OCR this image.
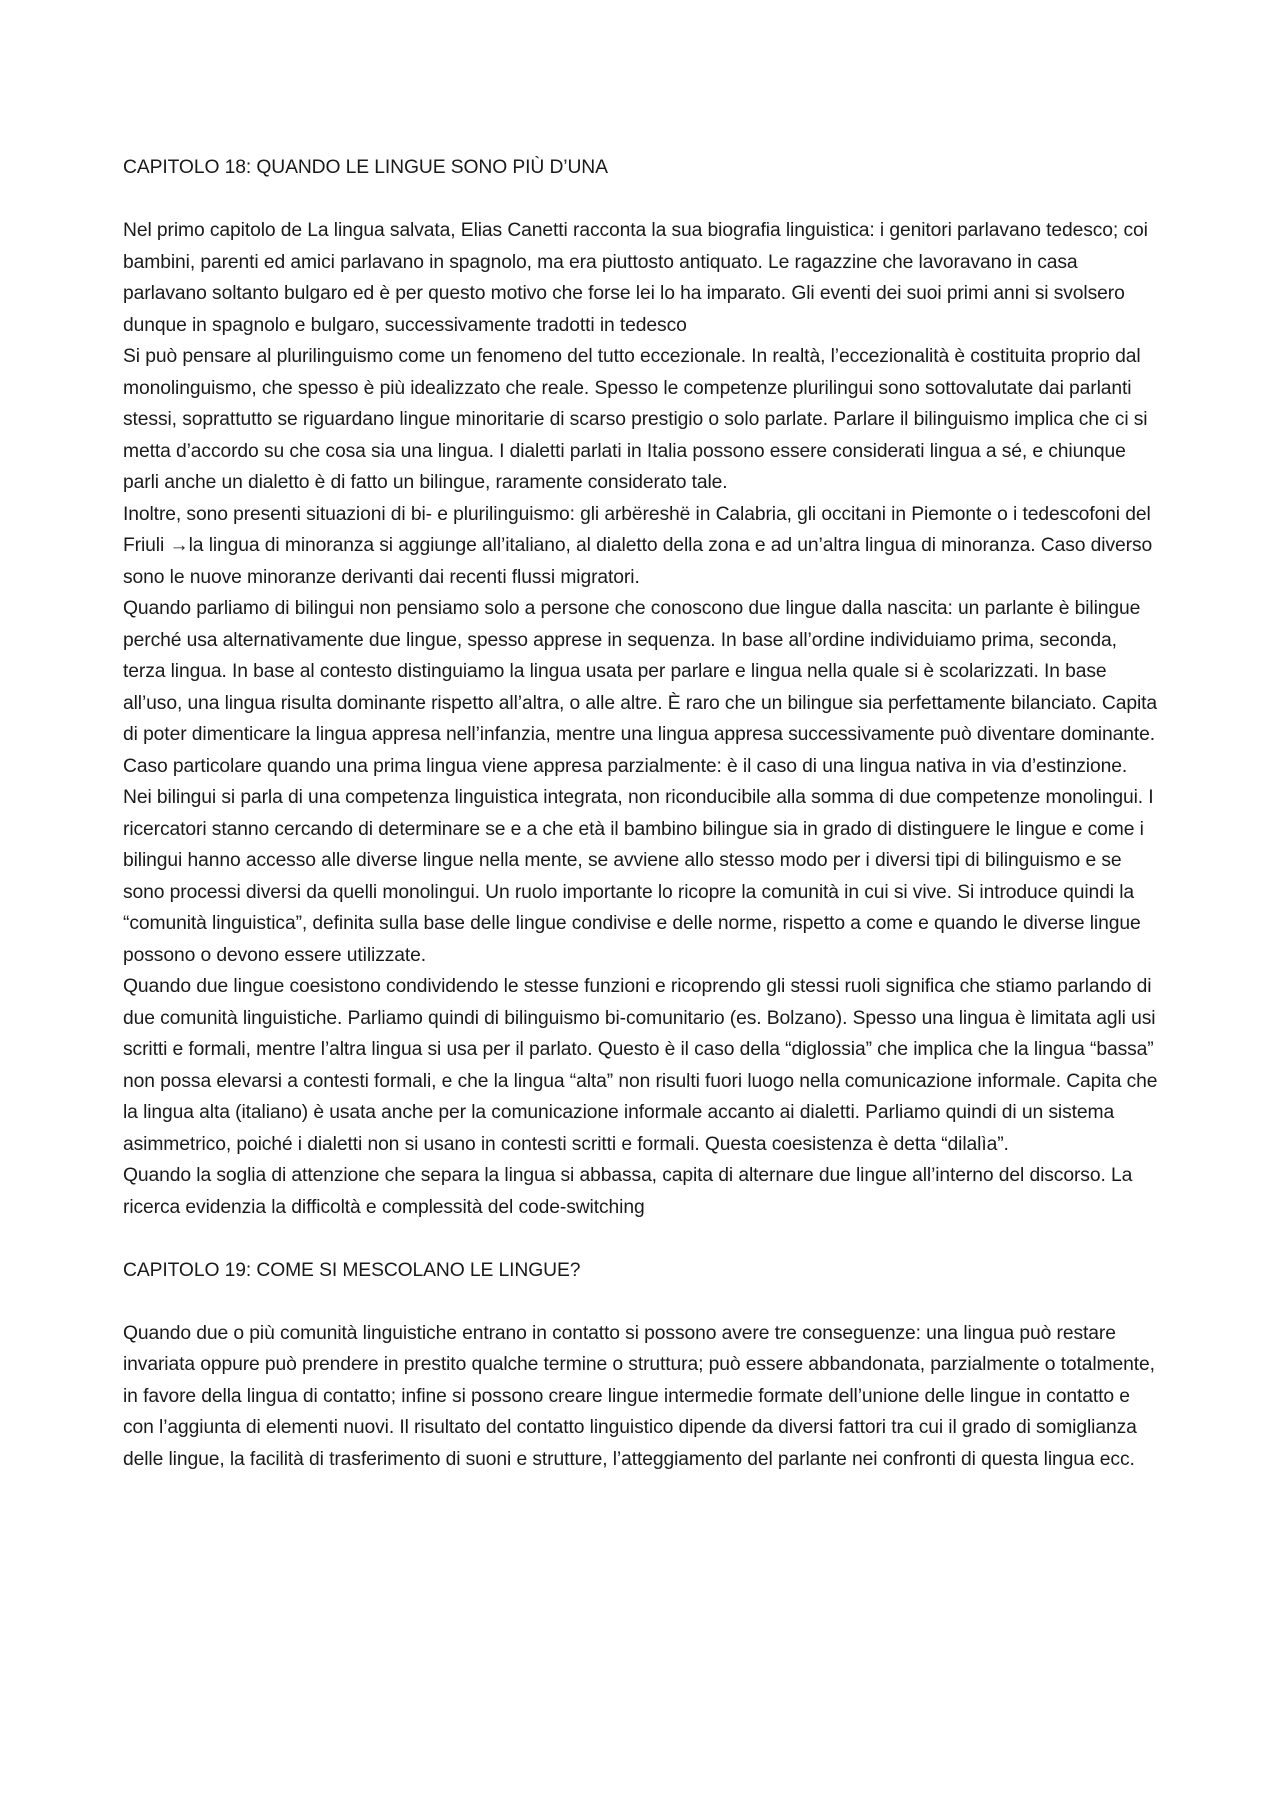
CAPITOLO 18: QUANDO LE LINGUE SONO PIÙ D’UNA

Nel primo capitolo de La lingua salvata, Elias Canetti racconta la sua biografia linguistica: i genitori parlavano tedesco; coi bambini, parenti ed amici parlavano in spagnolo, ma era piuttosto antiquato. Le ragazzine che lavoravano in casa parlavano soltanto bulgaro ed è per questo motivo che forse lei lo ha imparato. Gli eventi dei suoi primi anni si svolsero dunque in spagnolo e bulgaro, successivamente tradotti in tedesco

Si può pensare al plurilinguismo come un fenomeno del tutto eccezionale. In realtà, l’eccezionalità è costituita proprio dal monolinguismo, che spesso è più idealizzato che reale. Spesso le competenze plurilingui sono sottovalutate dai parlanti stessi, soprattutto se riguardano lingue minoritarie di scarso prestigio o solo parlate. Parlare il bilinguismo implica che ci si metta d’accordo su che cosa sia una lingua. I dialetti parlati in Italia possono essere considerati lingua a sé, e chiunque parli anche un dialetto è di fatto un bilingue, raramente considerato tale.

Inoltre, sono presenti situazioni di bi- e plurilinguismo: gli arbëreshë in Calabria, gli occitani in Piemonte o i tedescofoni del Friuli →la lingua di minoranza si aggiunge all’italiano, al dialetto della zona e ad un’altra lingua di minoranza. Caso diverso sono le nuove minoranze derivanti dai recenti flussi migratori.

Quando parliamo di bilingui non pensiamo solo a persone che conoscono due lingue dalla nascita: un parlante è bilingue perché usa alternativamente due lingue, spesso apprese in sequenza. In base all’ordine individuiamo prima, seconda, terza lingua. In base al contesto distinguiamo la lingua usata per parlare e lingua nella quale si è scolarizzati. In base all’uso, una lingua risulta dominante rispetto all’altra, o alle altre. È raro che un bilingue sia perfettamente bilanciato. Capita di poter dimenticare la lingua appresa nell’infanzia, mentre una lingua appresa successivamente può diventare dominante. Caso particolare quando una prima lingua viene appresa parzialmente: è il caso di una lingua nativa in via d’estinzione.

Nei bilingui si parla di una competenza linguistica integrata, non riconducibile alla somma di due competenze monolingui. I ricercatori stanno cercando di determinare se e a che età il bambino bilingue sia in grado di distinguere le lingue e come i bilingui hanno accesso alle diverse lingue nella mente, se avviene allo stesso modo per i diversi tipi di bilinguismo e se sono processi diversi da quelli monolingui. Un ruolo importante lo ricopre la comunità in cui si vive. Si introduce quindi la “comunità linguistica”, definita sulla base delle lingue condivise e delle norme, rispetto a come e quando le diverse lingue possono o devono essere utilizzate.

Quando due lingue coesistono condividendo le stesse funzioni e ricoprendo gli stessi ruoli significa che stiamo parlando di due comunità linguistiche. Parliamo quindi di bilinguismo bi-comunitario (es. Bolzano). Spesso una lingua è limitata agli usi scritti e formali, mentre l’altra lingua si usa per il parlato. Questo è il caso della “diglossia” che implica che la lingua “bassa” non possa elevarsi a contesti formali, e che la lingua “alta” non risulti fuori luogo nella comunicazione informale. Capita che la lingua alta (italiano) è usata anche per la comunicazione informale accanto ai dialetti. Parliamo quindi di un sistema asimmetrico, poiché i dialetti non si usano in contesti scritti e formali. Questa coesistenza è detta “dilalìa”.

Quando la soglia di attenzione che separa la lingua si abbassa, capita di alternare due lingue all’interno del discorso. La ricerca evidenzia la difficoltà e complessità del code-switching

CAPITOLO 19: COME SI MESCOLANO LE LINGUE?

Quando due o più comunità linguistiche entrano in contatto si possono avere tre conseguenze: una lingua può restare invariata oppure può prendere in prestito qualche termine o struttura; può essere abbandonata, parzialmente o totalmente, in favore della lingua di contatto; infine si possono creare lingue intermedie formate dell’unione delle lingue in contatto e con l’aggiunta di elementi nuovi. Il risultato del contatto linguistico dipende da diversi fattori tra cui il grado di somiglianza delle lingue, la facilità di trasferimento di suoni e strutture, l’atteggiamento del parlante nei confronti di questa lingua ecc.
